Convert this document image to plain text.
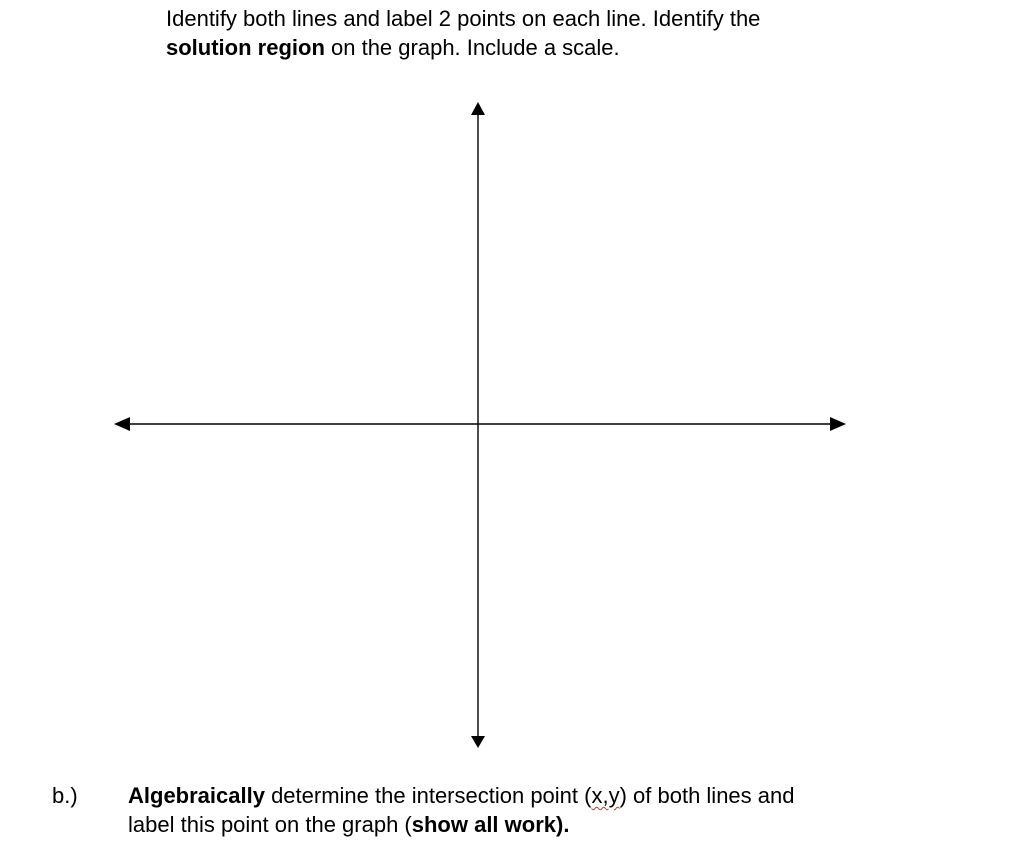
Identify both lines and label 2 points on each line. Identify the
solution region on the graph. Include a scale.
b.) Algebraically determine the intersection point (x,y) of both lines and
label this point on the graph (show all work).
